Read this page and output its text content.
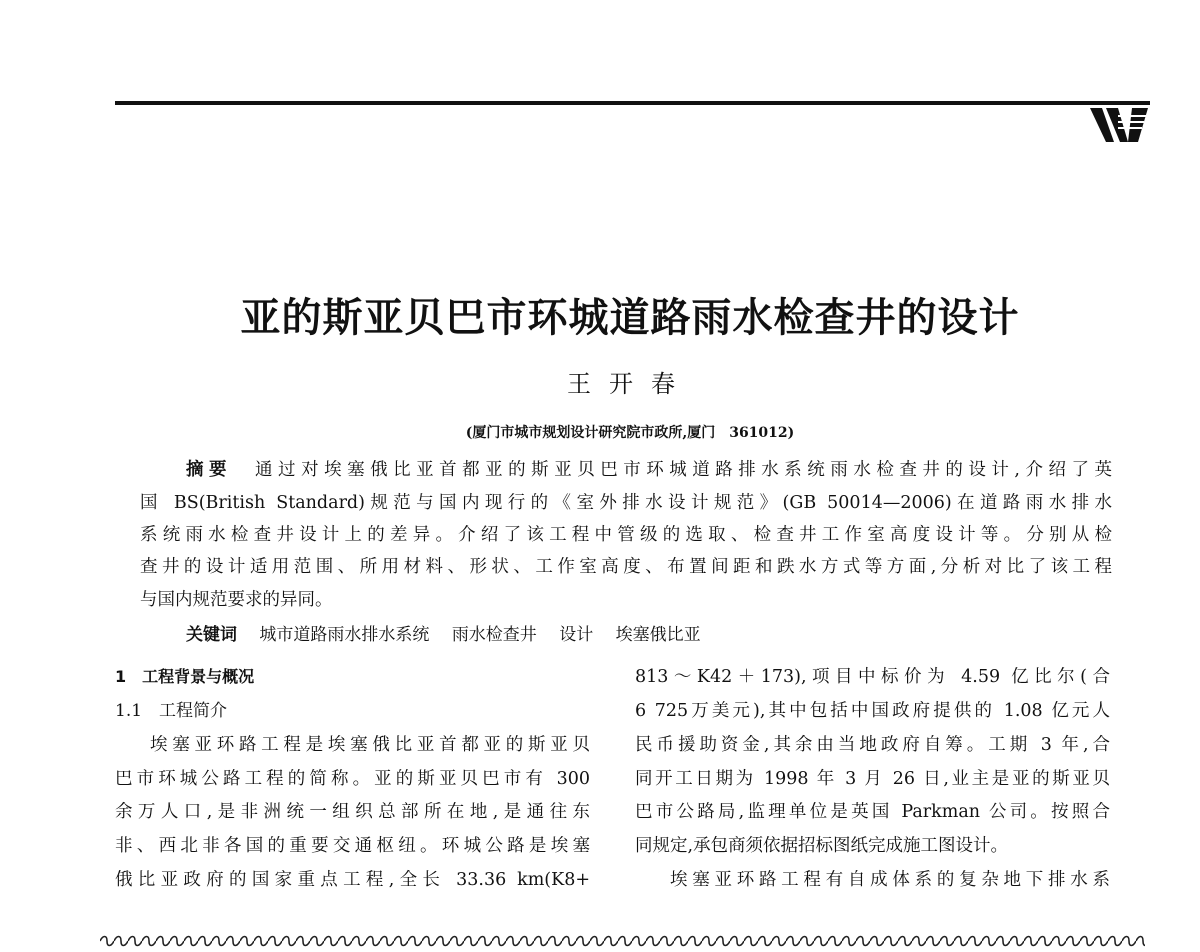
亚的斯亚贝巴市环城道路雨水检查井的设计
王开春
(厦门市城市规划设计研究院市政所,厦门　361012)
摘要　 通过对埃塞俄比亚首都亚的斯亚贝巴市环城道路排水系统雨水检查井的设计,介绍了英
国 BS(British Standard)规范与国内现行的《室外排水设计规范》(GB 50014—2006)在道路雨水排水
系统雨水检查井设计上的差异。介绍了该工程中管级的选取、检查井工作室高度设计等。分别从检
查井的设计适用范围、所用材料、形状、工作室高度、布置间距和跌水方式等方面,分析对比了该工程
与国内规范要求的异同。
关键词　 城市道路雨水排水系统　 雨水检查井　 设计　 埃塞俄比亚
1　工程背景与概况
1.1　工程简介
埃塞亚环路工程是埃塞俄比亚首都亚的斯亚贝
巴市环城公路工程的简称。亚的斯亚贝巴市有 300
余万人口,是非洲统一组织总部所在地,是通往东
非、西北非各国的重要交通枢纽。环城公路是埃塞
俄比亚政府的国家重点工程,全长 33.36 km(K8+
813～K42＋173),项目中标价为 4.59 亿比尔(合
6 725万美元),其中包括中国政府提供的 1.08 亿元人
民币援助资金,其余由当地政府自筹。工期 3 年,合
同开工日期为 1998 年 3 月 26 日,业主是亚的斯亚贝
巴市公路局,监理单位是英国 Parkman 公司。按照合
同规定,承包商须依据招标图纸完成施工图设计。
埃塞亚环路工程有自成体系的复杂地下排水系
